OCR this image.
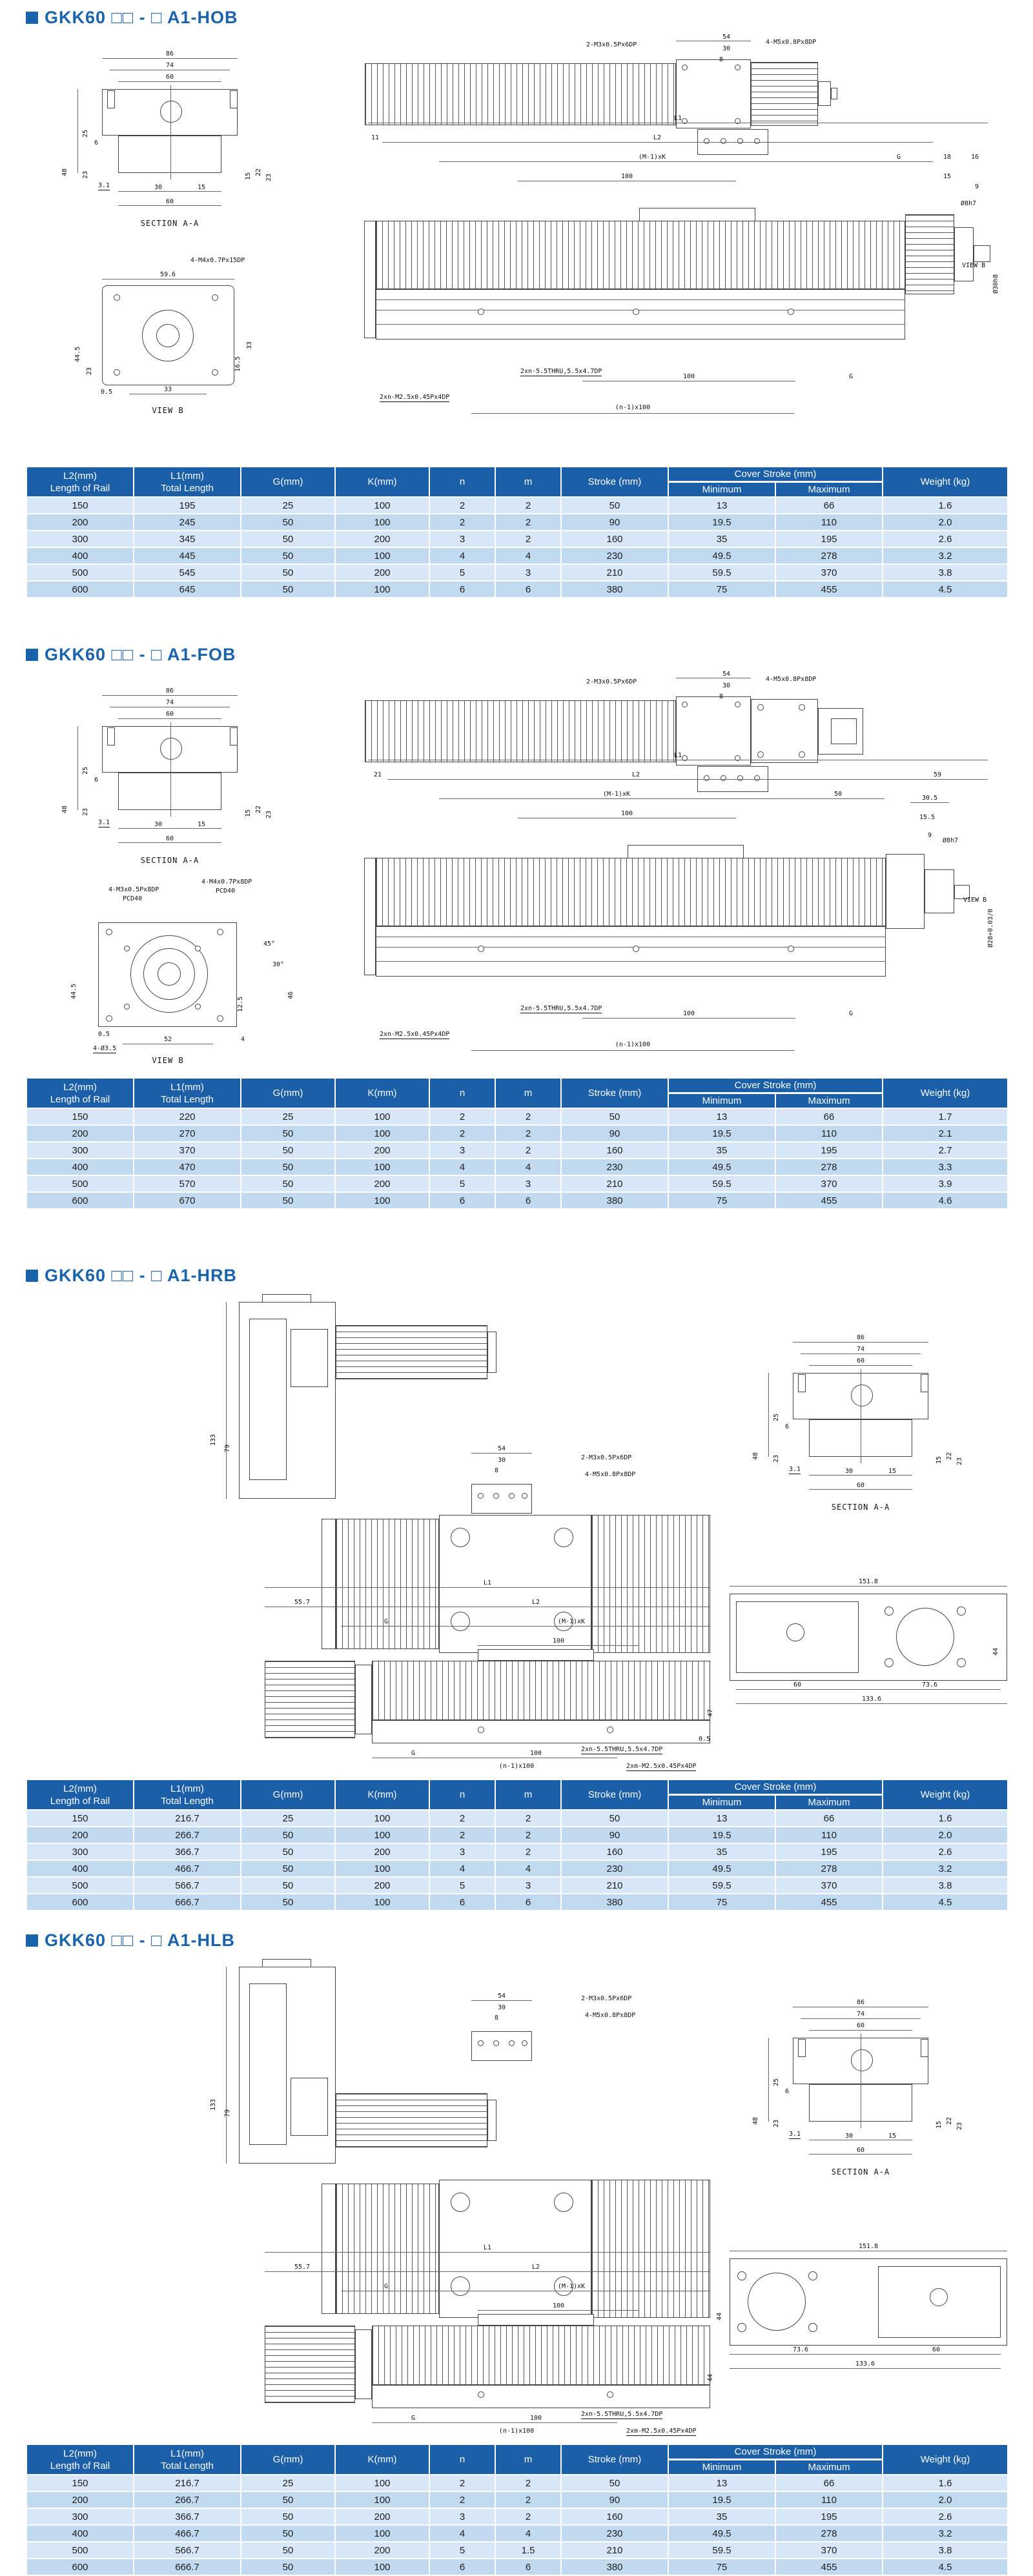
GKK60 □□ - □ A1-HOB
86
74
60
48
25
23
6
15 22
23
3.1	30	15
60
SECTION A-A
59.6
4-M4x0.7Px15DP
44.5
23
0.5	33
33
16.5
VIEW B
54
30
8
2-M3x0.5Px6DP	4-M5x0.8Px8DP
L1
11	L2
(M-1)xK	G	18	16
100	15
9
Ø8h7
Ø30h8
VIEW B
2xn-5.5THRU,5.5x4.7DP
2xn-M2.5x0.45Px4DP
100	G
(n-1)x100
L2(mm)
Length of Rail	L1(mm)
Total Length	G(mm)	K(mm)	n	m	Stroke (mm)	Cover Stroke (mm)		Weight (kg)
							Minimum	Maximum	
150	195	25	100	2	2	50	13	66	1.6
200	245	50	100	2	2	90	19.5	110	2.0
300	345	50	200	3	2	160	35	195	2.6
400	445	50	100	4	4	230	49.5	278	3.2
500	545	50	200	5	3	210	59.5	370	3.8
600	645	50	100	6	6	380	75	455	4.5
GKK60 □□ - □ A1-FOB
86
74
60
48
25
23
6
15 22
23
3.1	30	15
60
SECTION A-A
4-M3x0.5Px8DP
PCD40
4-M4x0.7Px8DP
PCD40
44.5
0.5
4-Ø3.5
52
12.5
4
45°
30°
46
VIEW B
54
30
8
2-M3x0.5Px6DP	4-M5x0.8Px8DP
L1
21	L2	59
(M-1)xK	50
30.5
100
15.5
9
Ø8h7
Ø28+0.03/0
VIEW B
2xn-5.5THRU,5.5x4.7DP
2xn-M2.5x0.45Px4DP
100	G
(n-1)x100
L2(mm)
Length of Rail	L1(mm)
Total Length	G(mm)	K(mm)	n	m	Stroke (mm)	Cover Stroke (mm)		Weight (kg)
							Minimum	Maximum	
150	220	25	100	2	2	50	13	66	1.7
200	270	50	100	2	2	90	19.5	110	2.1
300	370	50	200	3	2	160	35	195	2.7
400	470	50	100	4	4	230	49.5	278	3.3
500	570	50	200	5	3	210	59.5	370	3.9
600	670	50	100	6	6	380	75	455	4.6
GKK60 □□ - □ A1-HRB
133
79	54
30
8
2-M3x0.5Px6DP
4-M5x0.8Px8DP
L1
55.7	L2
G	(M-1)xK
100
47
0.5
2xn-5.5THRU,5.5x4.7DP
G	100
(n-1)x100	2xm-M2.5x0.45Px4DP
86
74
60
48
25
23
6
15 22
23
3.1	30	15
60
SECTION A-A
151.8
44
60	73.6
133.6
L2(mm)
Length of Rail	L1(mm)
Total Length	G(mm)	K(mm)	n	m	Stroke (mm)	Cover Stroke (mm)		Weight (kg)
							Minimum	Maximum	
150	216.7	25	100	2	2	50	13	66	1.6
200	266.7	50	100	2	2	90	19.5	110	2.0
300	366.7	50	200	3	2	160	35	195	2.6
400	466.7	50	100	4	4	230	49.5	278	3.2
500	566.7	50	200	5	3	210	59.5	370	3.8
600	666.7	50	100	6	6	380	75	455	4.5
GKK60 □□ - □ A1-HLB
133
79
54
30
8
2-M3x0.5Px6DP
4-M5x0.8Px8DP
L1
55.7	L2
G	(M-1)xK
100
44
2xn-5.5THRU,5.5x4.7DP
G	100
(n-1)x100	2xm-M2.5x0.45Px4DP
86
74
60
48
25
23
6
15 22
23
3.1	30	15
60
SECTION A-A
151.8
44
73.6	60
133.6
L2(mm)
Length of Rail	L1(mm)
Total Length	G(mm)	K(mm)	n	m	Stroke (mm)	Cover Stroke (mm)		Weight (kg)
							Minimum	Maximum	
150	216.7	25	100	2	2	50	13	66	1.6
200	266.7	50	100	2	2	90	19.5	110	2.0
300	366.7	50	200	3	2	160	35	195	2.6
400	466.7	50	100	4	4	230	49.5	278	3.2
500	566.7	50	200	5	1.5	210	59.5	370	3.8
600	666.7	50	100	6	6	380	75	455	4.5
